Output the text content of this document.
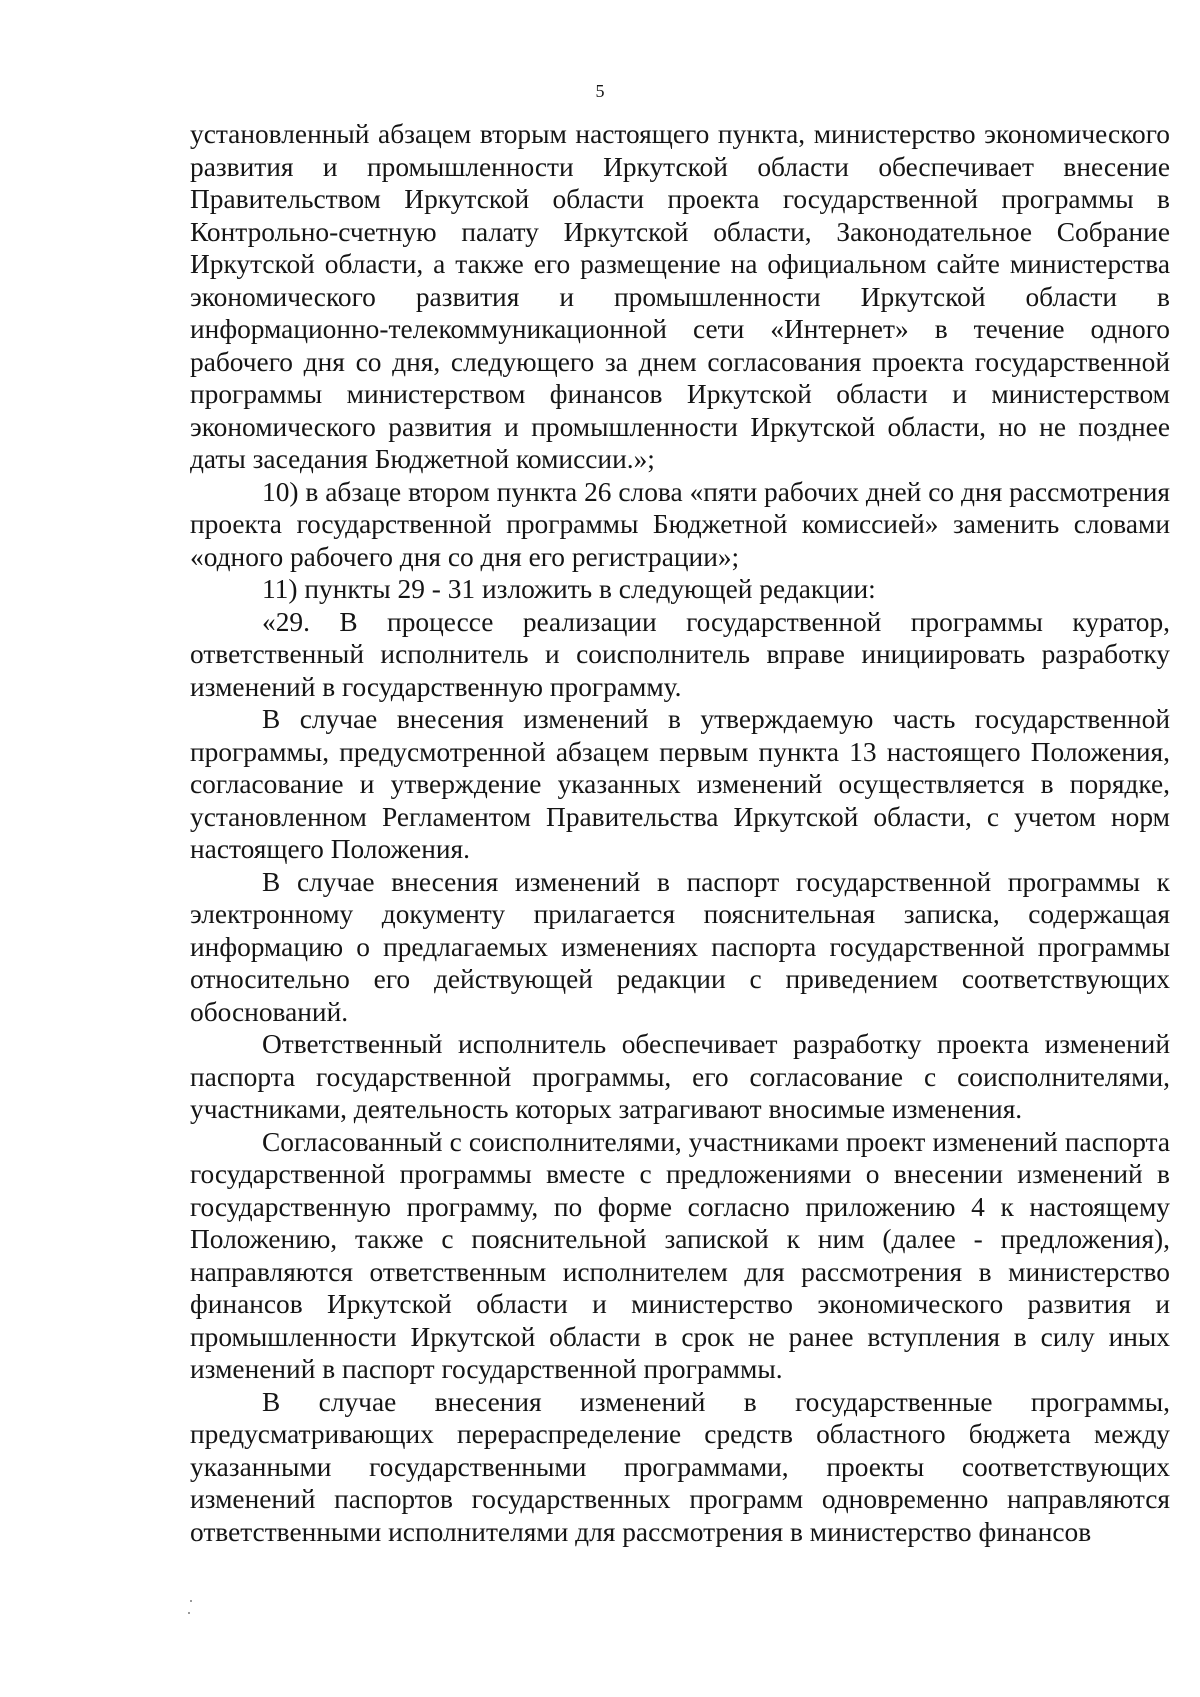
5

установленный абзацем вторым настоящего пункта, министерство экономического развития и промышленности Иркутской области обеспечивает внесение Правительством Иркутской области проекта государственной программы в Контрольно-счетную палату Иркутской области, Законодательное Собрание Иркутской области, а также его размещение на официальном сайте министерства экономического развития и промышленности Иркутской области в информационно-телекоммуникационной сети «Интернет» в течение одного рабочего дня со дня, следующего за днем согласования проекта государственной программы министерством финансов Иркутской области и министерством экономического развития и промышленности Иркутской области, но не позднее даты заседания Бюджетной комиссии.»;

10) в абзаце втором пункта 26 слова «пяти рабочих дней со дня рассмотрения проекта государственной программы Бюджетной комиссией» заменить словами «одного рабочего дня со дня его регистрации»;

11) пункты 29 - 31 изложить в следующей редакции:

«29. В процессе реализации государственной программы куратор, ответственный исполнитель и соисполнитель вправе инициировать разработку изменений в государственную программу.

В случае внесения изменений в утверждаемую часть государственной программы, предусмотренной абзацем первым пункта 13 настоящего Положения, согласование и утверждение указанных изменений осуществляется в порядке, установленном Регламентом Правительства Иркутской области, с учетом норм настоящего Положения.

В случае внесения изменений в паспорт государственной программы к электронному документу прилагается пояснительная записка, содержащая информацию о предлагаемых изменениях паспорта государственной программы относительно его действующей редакции с приведением соответствующих обоснований.

Ответственный исполнитель обеспечивает разработку проекта изменений паспорта государственной программы, его согласование с соисполнителями, участниками, деятельность которых затрагивают вносимые изменения.

Согласованный с соисполнителями, участниками проект изменений паспорта государственной программы вместе с предложениями о внесении изменений в государственную программу, по форме согласно приложению 4 к настоящему Положению, также с пояснительной запиской к ним (далее - предложения), направляются ответственным исполнителем для рассмотрения в министерство финансов Иркутской области и министерство экономического развития и промышленности Иркутской области в срок не ранее вступления в силу иных изменений в паспорт государственной программы.

В случае внесения изменений в государственные программы, предусматривающих перераспределение средств областного бюджета между указанными государственными программами, проекты соответствующих изменений паспортов государственных программ одновременно направляются ответственными исполнителями для рассмотрения в министерство финансов
